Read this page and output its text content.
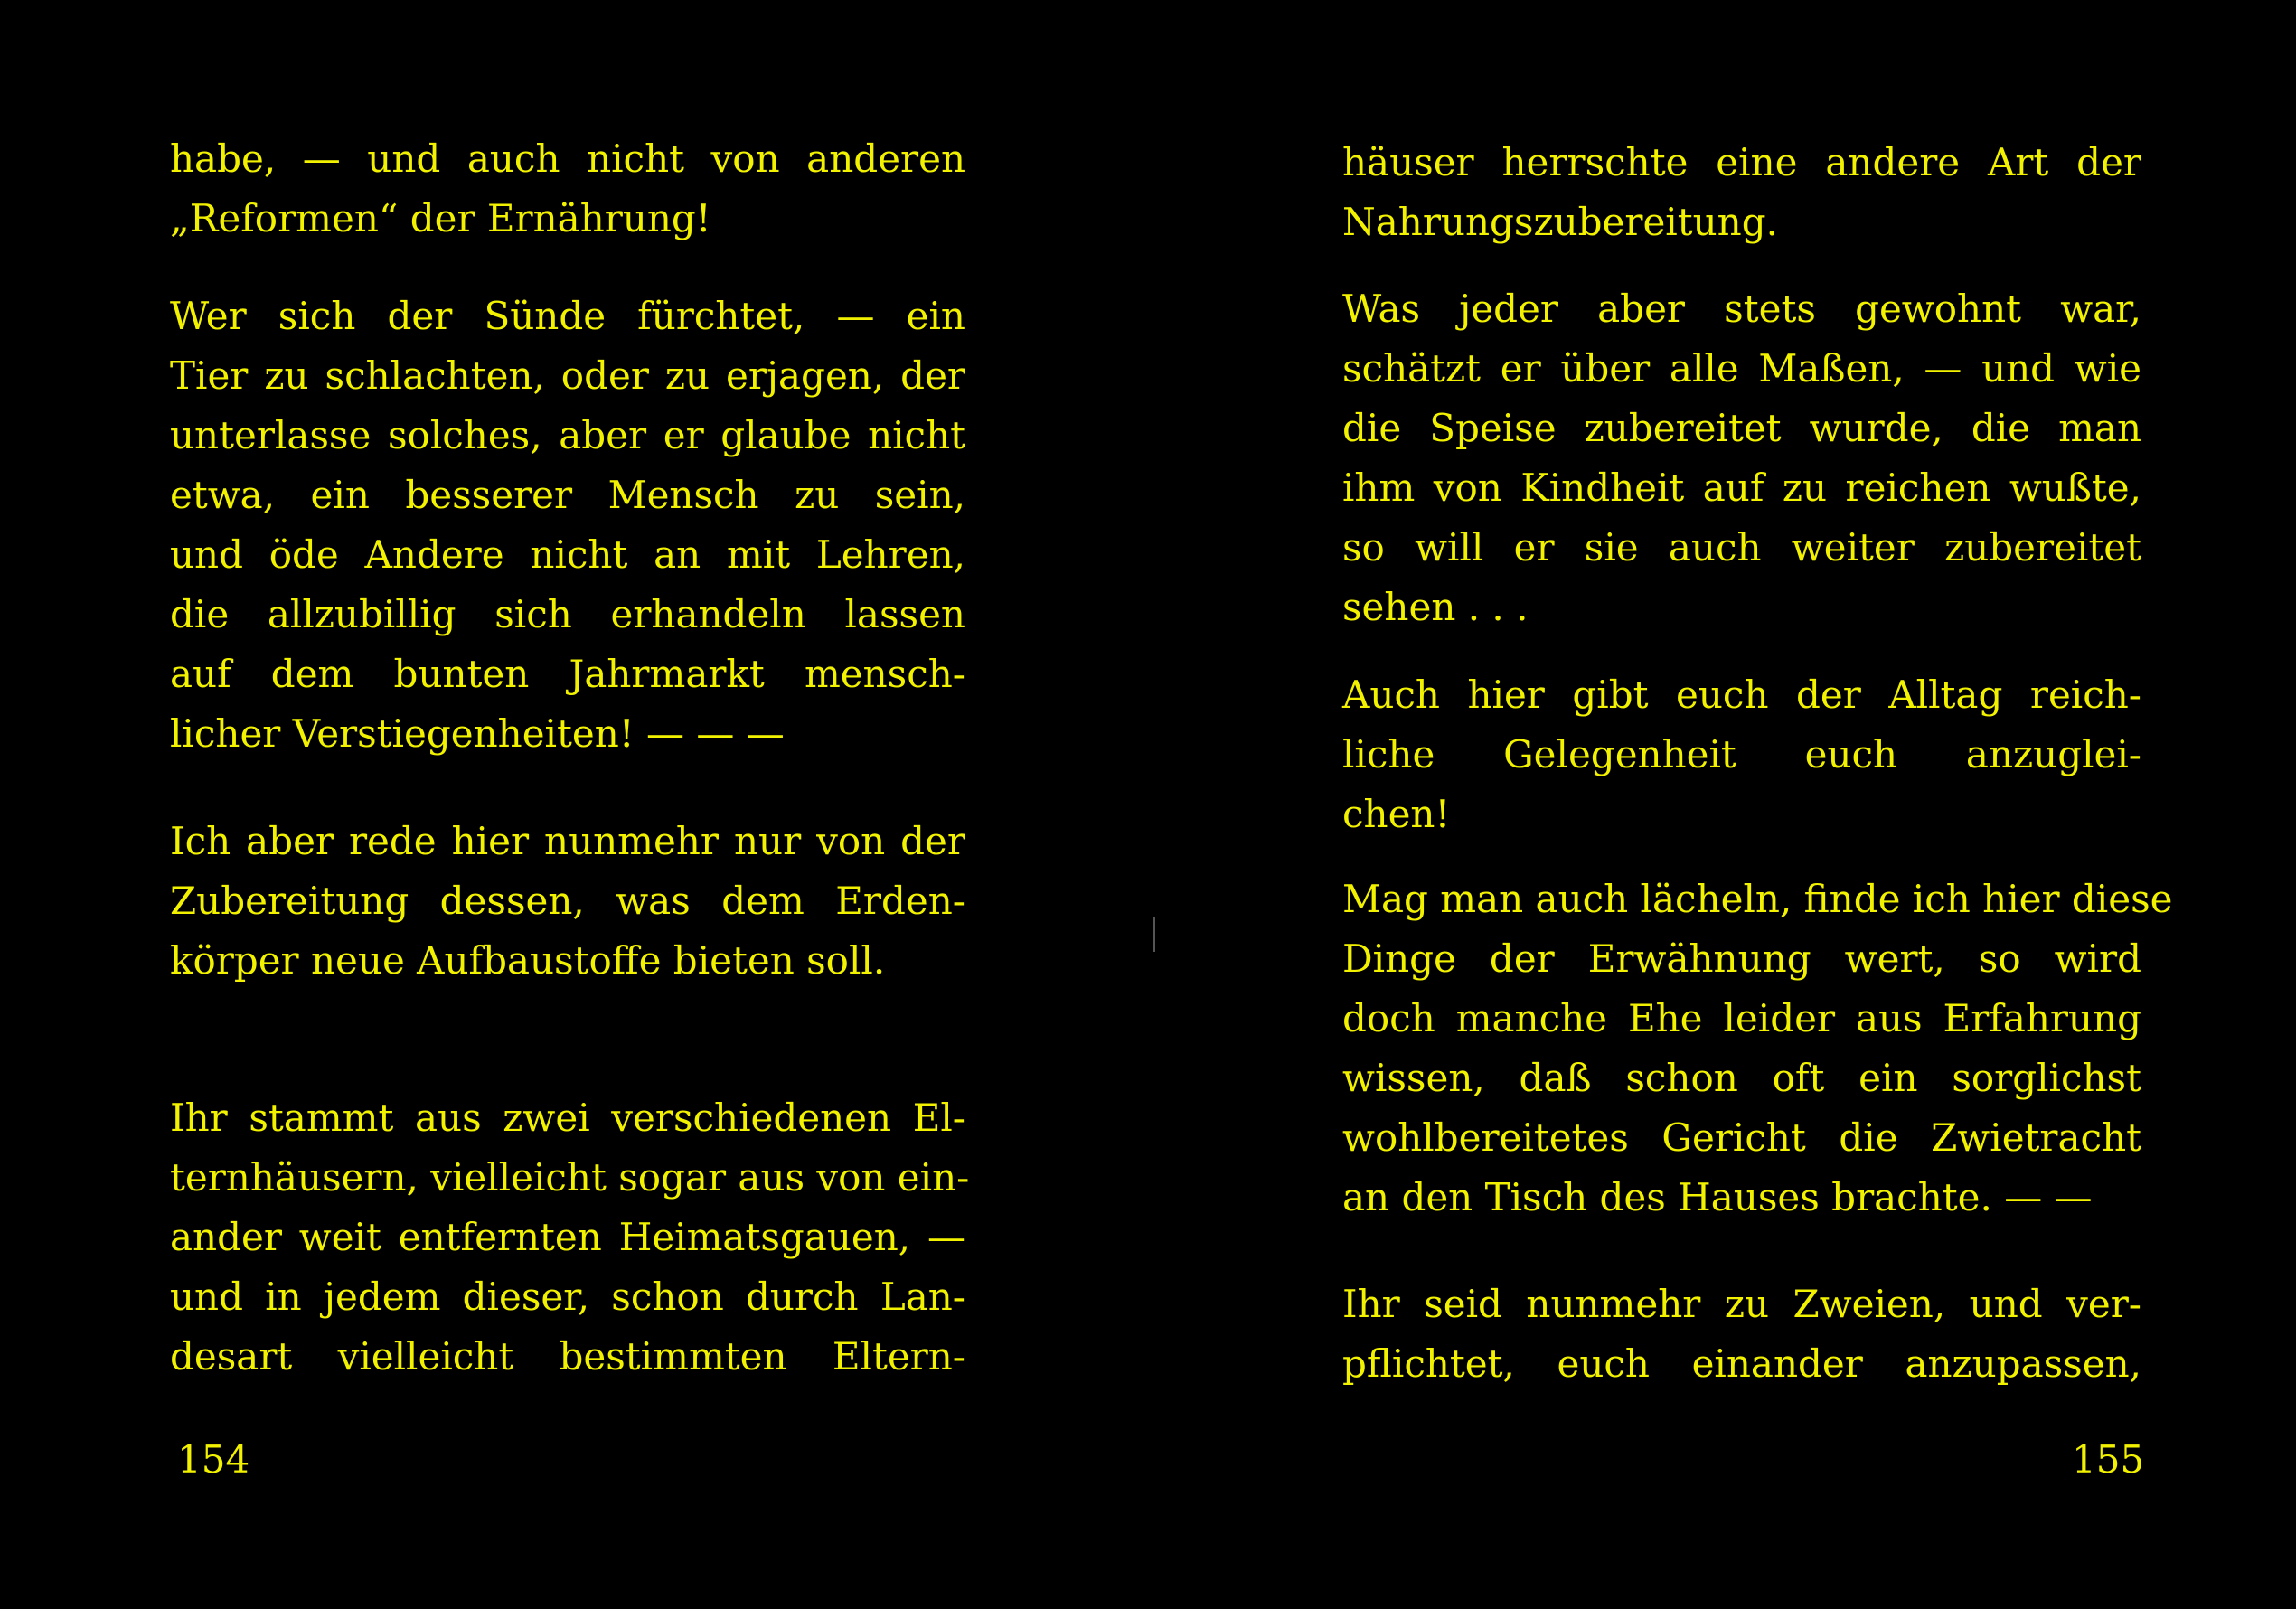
habe, — und auch nicht von anderen
„Reformen“ der Ernährung!
Wer sich der Sünde fürchtet, — ein
Tier zu schlachten, oder zu erjagen, der
unterlasse solches, aber er glaube nicht
etwa, ein besserer Mensch zu sein,
und öde Andere nicht an mit Lehren,
die allzubillig sich erhandeln lassen
auf dem bunten Jahrmarkt mensch-
licher Verstiegenheiten! — — —
Ich aber rede hier nunmehr nur von der
Zubereitung dessen, was dem Erden-
körper neue Aufbaustoffe bieten soll.
Ihr stammt aus zwei verschiedenen El-
ternhäusern, vielleicht sogar aus von ein-
ander weit entfernten Heimatsgauen, —
und in jedem dieser, schon durch Lan-
desart vielleicht bestimmten Eltern-
154
häuser herrschte eine andere Art der
Nahrungszubereitung.
Was jeder aber stets gewohnt war,
schätzt er über alle Maßen, — und wie
die Speise zubereitet wurde, die man
ihm von Kindheit auf zu reichen wußte,
so will er sie auch weiter zubereitet
sehen . . .
Auch hier gibt euch der Alltag reich-
liche Gelegenheit euch anzuglei-
chen!
Mag man auch lächeln, finde ich hier diese
Dinge der Erwähnung wert, so wird
doch manche Ehe leider aus Erfahrung
wissen, daß schon oft ein sorglichst
wohlbereitetes Gericht die Zwietracht
an den Tisch des Hauses brachte. — —
Ihr seid nunmehr zu Zweien, und ver-
pflichtet, euch einander anzupassen,
155
